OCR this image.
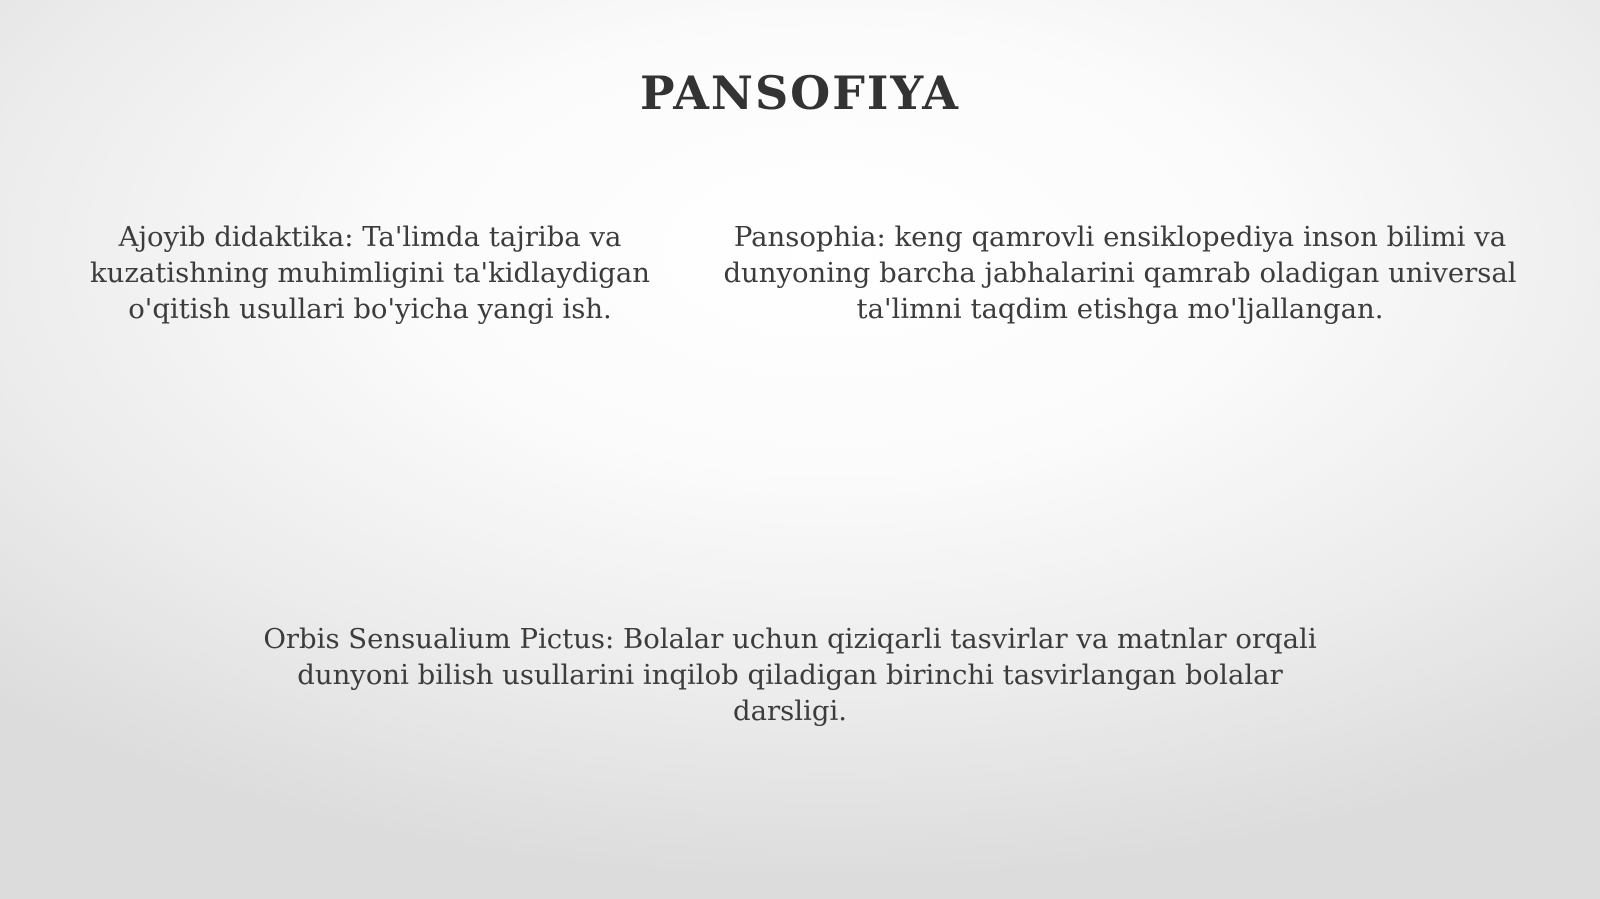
PANSOFIYA
Ajoyib didaktika: Ta'limda tajriba va kuzatishning muhimligini ta'kidlaydigan o'qitish usullari bo'yicha yangi ish.
Pansophia: keng qamrovli ensiklopediya inson bilimi va dunyoning barcha jabhalarini qamrab oladigan universal ta'limni taqdim etishga mo'ljallangan.
Orbis Sensualium Pictus: Bolalar uchun qiziqarli tasvirlar va matnlar orqali dunyoni bilish usullarini inqilob qiladigan birinchi tasvirlangan bolalar darsligi.
